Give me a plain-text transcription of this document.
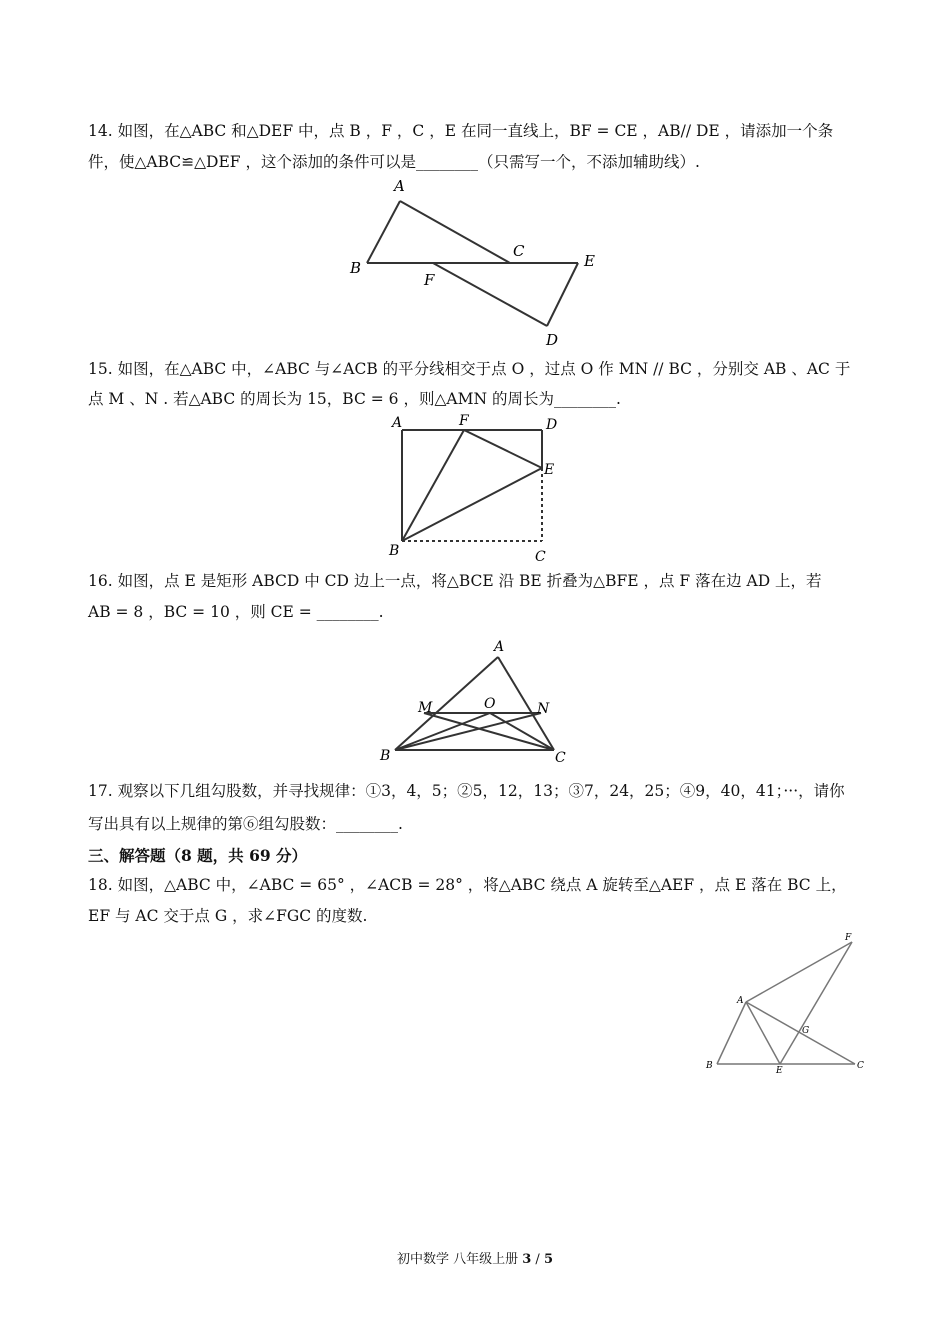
14. 如图，在△ABC 和△DEF 中，点 B ，F ，C ，E 在同一直线上，BF = CE ，AB// DE ，请添加一个条
件，使△ABC≌△DEF ，这个添加的条件可以是________（只需写一个，不添加辅助线）.
A
B
C
D
E
F
15. 如图，在△ABC 中，∠ABC 与∠ACB 的平分线相交于点 O ，过点 O 作 MN // BC ，分别交 AB 、AC 于
点 M 、N . 若△ABC 的周长为 15，BC = 6 ，则△AMN 的周长为________.
A	F	D
E
B	C
16. 如图，点 E 是矩形 ABCD 中 CD 边上一点，将△BCE 沿 BE 折叠为△BFE ，点 F 落在边 AD 上，若
AB = 8 ，BC = 10 ，则 CE = ________.
A
M	O	N
B	C
17. 观察以下几组勾股数，并寻找规律：①3，4，5；②5，12，13；③7，24，25；④9，40，41；···，请你
写出具有以上规律的第⑥组勾股数：________.
三、解答题（8 题，共 69 分）
18. 如图，△ABC 中，∠ABC = 65° ，∠ACB = 28° ，将△ABC 绕点 A 旋转至△AEF ，点 E 落在 BC 上，
EF 与 AC 交于点 G ，求∠FGC 的度数.
F
A
G
B	E	C
初中数学 八年级上册 3 / 5
